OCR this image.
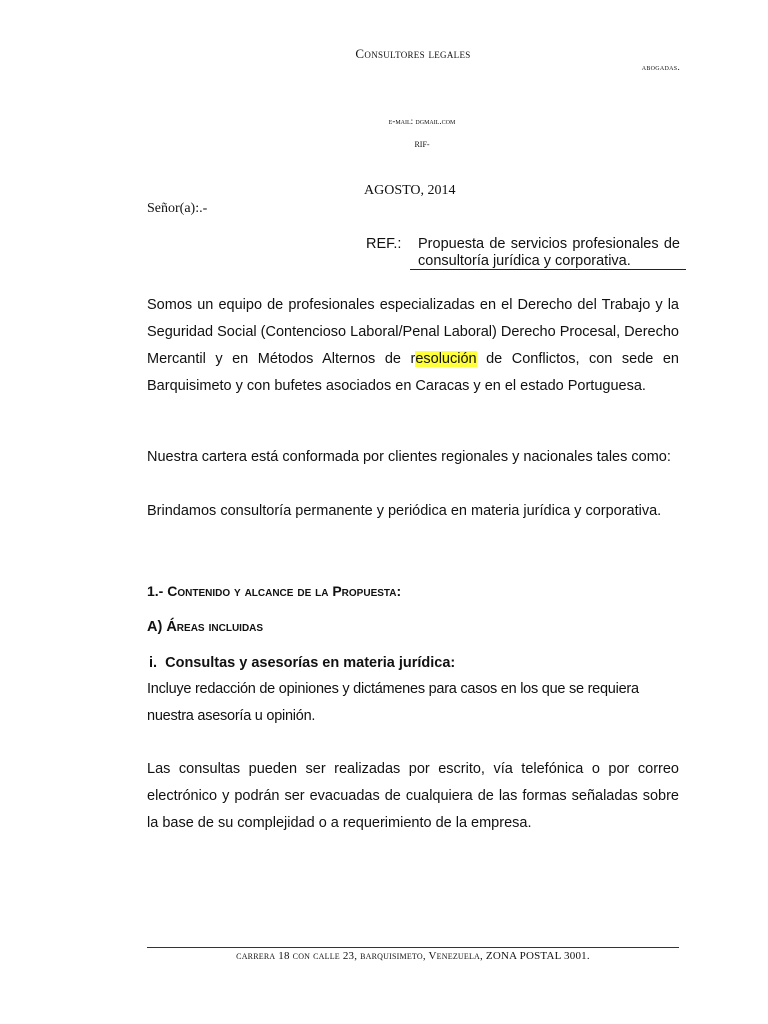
Consultores legales
abogadas.
e-mail: dgmail.com
RIF-
AGOSTO, 2014
Señor(a):.-
REF.: Propuesta de servicios profesionales de consultoría jurídica y corporativa.
Somos un equipo de profesionales especializadas en el Derecho del Trabajo y la Seguridad Social (Contencioso Laboral/Penal Laboral) Derecho Procesal, Derecho Mercantil y en Métodos Alternos de resolución de Conflictos, con sede en Barquisimeto y con bufetes asociados en Caracas y en el estado Portuguesa.
Nuestra cartera está conformada por clientes regionales y nacionales tales como:
Brindamos consultoría permanente y periódica en materia jurídica y corporativa.
1.- Contenido y alcance de la Propuesta:
A) Áreas incluidas
i. Consultas y asesorías en materia jurídica:
Incluye redacción de opiniones y dictámenes para casos en los que se requiera nuestra asesoría u opinión.
Las consultas pueden ser realizadas por escrito, vía telefónica o por correo electrónico y podrán ser evacuadas de cualquiera de las formas señaladas sobre la base de su complejidad o a requerimiento de la empresa.
carrera 18 con calle 23, barquisimeto, Venezuela, ZONA POSTAL 3001.
